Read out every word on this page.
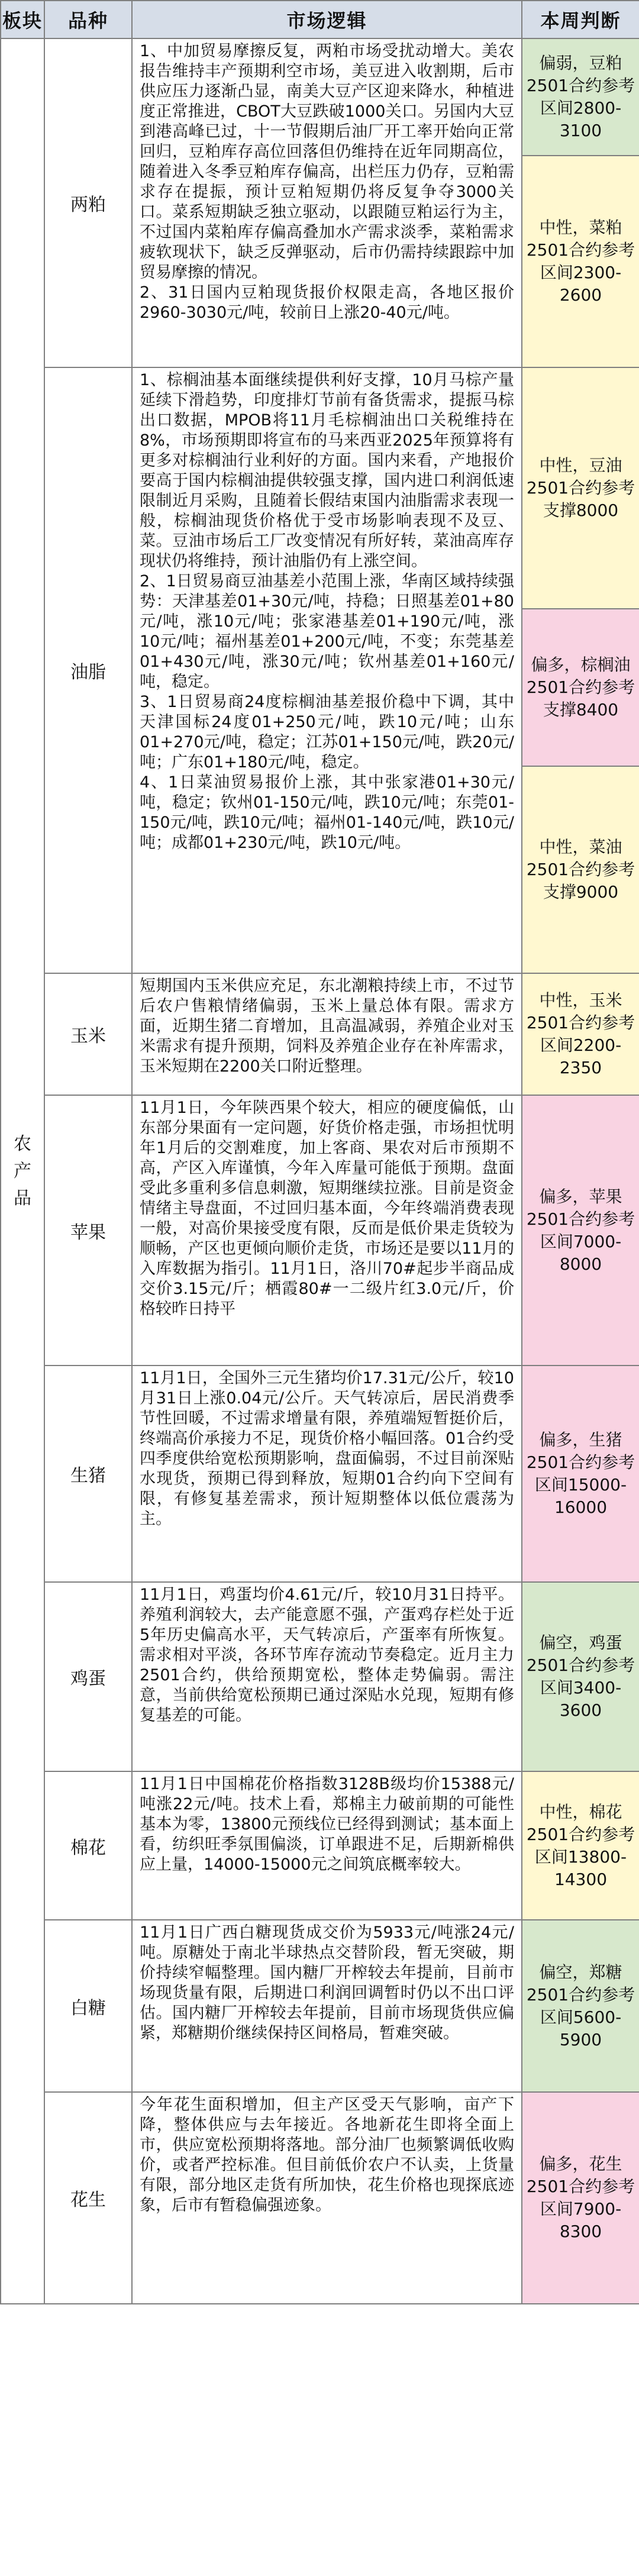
板块	品种	市场逻辑	本周判断
农产品	两粕	1、中加贸易摩擦反复，两粕市场受扰动增大。美农报告维持丰产预期利空市场，美豆进入收割期，后市供应压力逐渐凸显，南美大豆产区迎来降水，种植进度正常推进，CBOT大豆跌破1000关口。另国内大豆到港高峰已过，十一节假期后油厂开工率开始向正常回归，豆粕库存高位回落但仍维持在近年同期高位，随着进入冬季豆粕库存偏高，出栏压力仍存，豆粕需求存在提振，预计豆粕短期仍将反复争夺3000关口。菜系短期缺乏独立驱动，以跟随豆粕运行为主，不过国内菜粕库存偏高叠加水产需求淡季，菜粕需求疲软现状下，缺乏反弹驱动，后市仍需持续跟踪中加贸易摩擦的情况。

2、31日国内豆粕现货报价权限走高，各地区报价2960-3030元/吨，较前日上涨20-40元/吨。	偏弱，豆粕2501合约参考区间2800-3100
			中性，菜粕2501合约参考区间2300-2600
	油脂	1、棕榈油基本面继续提供利好支撑，10月马棕产量延续下滑趋势，印度排灯节前有备货需求，提振马棕出口数据，MPOB将11月毛棕榈油出口关税维持在8%，市场预期即将宣布的马来西亚2025年预算将有更多对棕榈油行业利好的方面。国内来看，产地报价要高于国内棕榈油提供较强支撑，国内进口利润低速限制近月采购，且随着长假结束国内油脂需求表现一般，棕榈油现货价格优于受市场影响表现不及豆、菜。豆油市场后工厂改变情况有所好转，菜油高库存现状仍将维持，预计油脂仍有上涨空间。

2、1日贸易商豆油基差小范围上涨，华南区域持续强势：天津基差01+30元/吨，持稳；日照基差01+80元/吨，涨10元/吨；张家港基差01+190元/吨，涨10元/吨；福州基差01+200元/吨，不变；东莞基差01+430元/吨，涨30元/吨；钦州基差01+160元/吨，稳定。

3、1日贸易商24度棕榈油基差报价稳中下调，其中天津国标24度01+250元/吨，跌10元/吨；山东01+270元/吨，稳定；江苏01+150元/吨，跌20元/吨；广东01+180元/吨，稳定。

4、1日菜油贸易报价上涨，其中张家港01+30元/吨，稳定；钦州01-150元/吨，跌10元/吨；东莞01-150元/吨，跌10元/吨；福州01-140元/吨，跌10元/吨；成都01+230元/吨，跌10元/吨。	中性，豆油2501合约参考支撑8000
			偏多，棕榈油2501合约参考支撑8400
			中性，菜油2501合约参考支撑9000
	玉米	短期国内玉米供应充足，东北潮粮持续上市，不过节后农户售粮情绪偏弱，玉米上量总体有限。需求方面，近期生猪二育增加，且高温减弱，养殖企业对玉米需求有提升预期，饲料及养殖企业存在补库需求，玉米短期在2200关口附近整理。	中性，玉米2501合约参考区间2200-2350
	苹果	11月1日，今年陕西果个较大，相应的硬度偏低，山东部分果面有一定问题，好货价格走强，市场担忧明年1月后的交割难度，加上客商、果农对后市预期不高，产区入库谨慎，今年入库量可能低于预期。盘面受此多重利多信息刺激，短期继续拉涨。目前是资金情绪主导盘面，不过回归基本面，今年终端消费表现一般，对高价果接受度有限，反而是低价果走货较为顺畅，产区也更倾向顺价走货，市场还是要以11月的入库数据为指引。11月1日，洛川70#起步半商品成交价3.15元/斤；栖霞80#一二级片红3.0元/斤，价格较昨日持平	偏多，苹果2501合约参考区间7000-8000
	生猪	11月1日，全国外三元生猪均价17.31元/公斤，较10月31日上涨0.04元/公斤。天气转凉后，居民消费季节性回暖，不过需求增量有限，养殖端短暂挺价后，终端高价承接力不足，现货价格小幅回落。01合约受四季度供给宽松预期影响，盘面偏弱，不过目前深贴水现货，预期已得到释放，短期01合约向下空间有限，有修复基差需求，预计短期整体以低位震荡为主。	偏多，生猪2501合约参考区间15000-16000
	鸡蛋	11月1日，鸡蛋均价4.61元/斤，较10月31日持平。养殖利润较大，去产能意愿不强，产蛋鸡存栏处于近5年历史偏高水平，天气转凉后，产蛋率有所恢复。需求相对平淡，各环节库存流动节奏稳定。近月主力2501合约，供给预期宽松，整体走势偏弱。需注意，当前供给宽松预期已通过深贴水兑现，短期有修复基差的可能。	偏空，鸡蛋2501合约参考区间3400-3600
	棉花	11月1日中国棉花价格指数3128B级均价15388元/吨涨22元/吨。技术上看，郑棉主力破前期的可能性基本为零，13800元预线位已经得到测试；基本面上看，纺织旺季氛围偏淡，订单跟进不足，后期新棉供应上量，14000-15000元之间筑底概率较大。	中性，棉花2501合约参考区间13800-14300
	白糖	11月1日广西白糖现货成交价为5933元/吨涨24元/吨。原糖处于南北半球热点交替阶段，暂无突破，期价持续窄幅整理。国内糖厂开榨较去年提前，目前市场现货量有限，后期进口利润回调暂时仍以不出口评估。国内糖厂开榨较去年提前，目前市场现货供应偏紧，郑糖期价继续保持区间格局，暂难突破。	偏空，郑糖2501合约参考区间5600-5900
	花生	今年花生面积增加，但主产区受天气影响，亩产下降，整体供应与去年接近。各地新花生即将全面上市，供应宽松预期将落地。部分油厂也频繁调低收购价，或者严控标准。但目前低价农户不认卖，上货量有限，部分地区走货有所加快，花生价格也现探底迹象，后市有暂稳偏强迹象。	偏多，花生2501合约参考区间7900-8300
